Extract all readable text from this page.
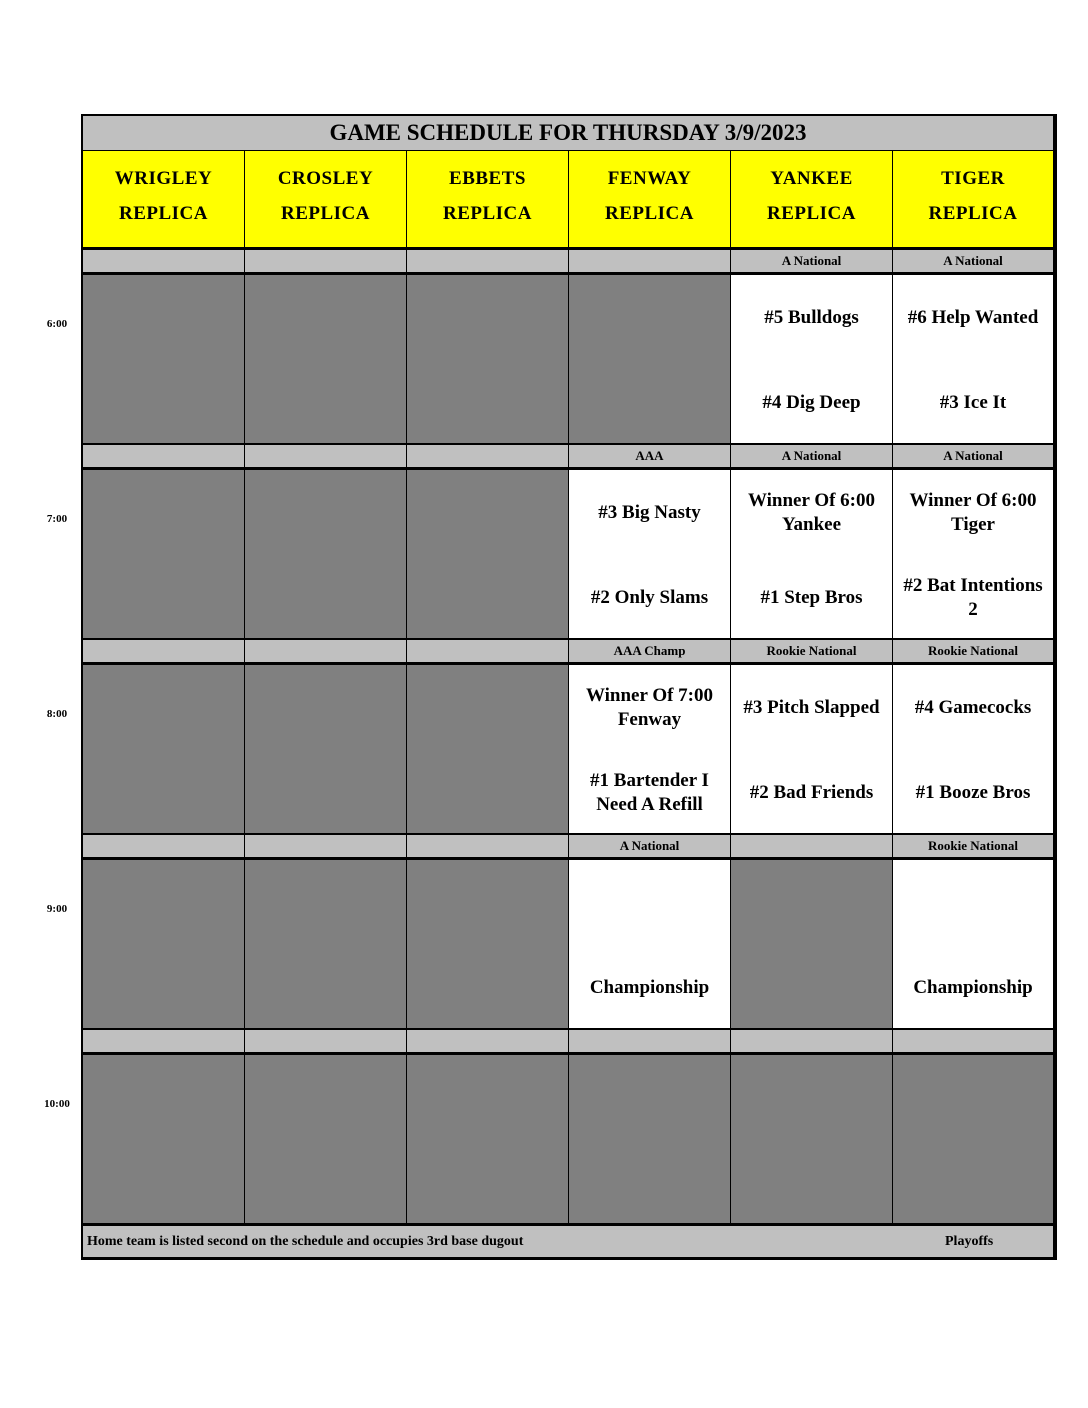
GAME SCHEDULE FOR THURSDAY 3/9/2023
Home team is listed second on the schedule and occupies 3rd base dugout	Playoffs
WRIGLEY
REPLICA
CROSLEY
REPLICA
EBBETS
REPLICA
FENWAY
REPLICA
YANKEE
REPLICA
TIGER
REPLICA
A National
#5 Bulldogs
#4 Dig Deep
A National
#6 Help Wanted
#3 Ice It
AAA
#3 Big Nasty
#2 Only Slams
A National
Winner Of 6:00 Yankee
#1 Step Bros
A National
Winner Of 6:00 Tiger
#2 Bat Intentions 2
AAA Champ
Winner Of 7:00 Fenway
#1 Bartender I Need A Refill
Rookie National
#3 Pitch Slapped
#2 Bad Friends
Rookie National
#4 Gamecocks
#1 Booze Bros
A National
Championship
Rookie National
Championship
6:00
7:00
8:00
9:00
10:00
